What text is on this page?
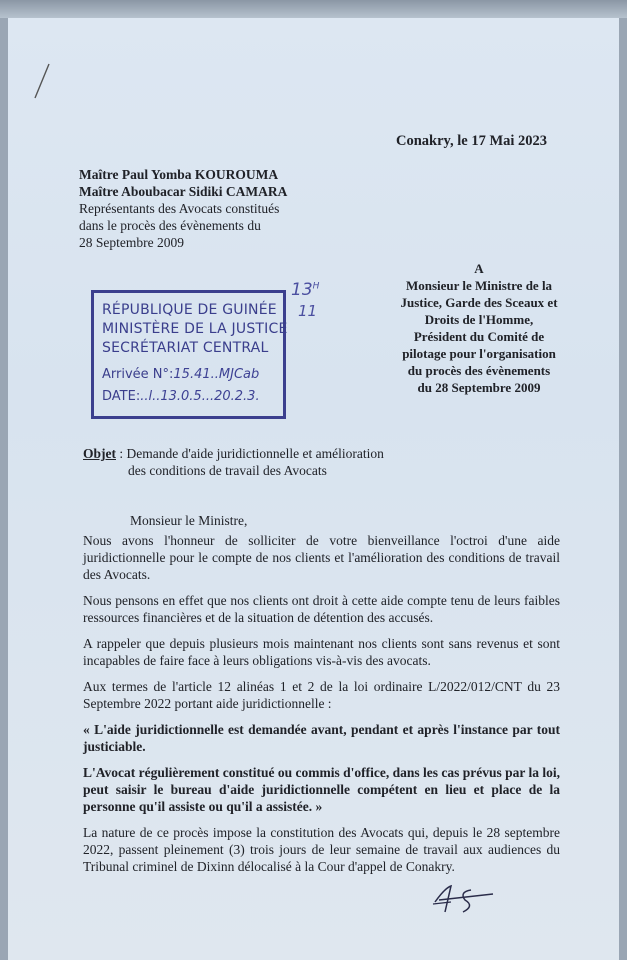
Conakry, le 17 Mai 2023
Maître Paul Yomba KOUROUMA
Maître Aboubacar Sidiki CAMARA
Représentants des Avocats constitués
dans le procès des évènements du
28 Septembre 2009
A
Monsieur le Ministre de la
Justice, Garde des Sceaux et
Droits de l'Homme,
Président du Comité de
pilotage pour l'organisation
du procès des évènements
du 28 Septembre 2009
RÉPUBLIQUE DE GUINÉE
MINISTÈRE DE LA JUSTICE
SECRÉTARIAT CENTRAL
Arrivée N°:15.41..MJCab
DATE:..l..13.0.5...20.2.3.
$13^H$
11
Objet : Demande d'aide juridictionnelle et amélioration
des conditions de travail des Avocats
Monsieur le Ministre,
Nous avons l'honneur de solliciter de votre bienveillance l'octroi d'une aide juridictionnelle pour le compte de nos clients et l'amélioration des conditions de travail des Avocats.
Nous pensons en effet que nos clients ont droit à cette aide compte tenu de leurs faibles ressources financières et de la situation de détention des accusés.
A rappeler que depuis plusieurs mois maintenant nos clients sont sans revenus et sont incapables de faire face à leurs obligations vis-à-vis des avocats.
Aux termes de l'article 12 alinéas 1 et 2 de la loi ordinaire L/2022/012/CNT du 23 Septembre 2022 portant aide juridictionnelle :
« L'aide juridictionnelle est demandée avant, pendant et après l'instance par tout justiciable.
L'Avocat régulièrement constitué ou commis d'office, dans les cas prévus par la loi, peut saisir le bureau d'aide juridictionnelle compétent en lieu et place de la personne qu'il assiste ou qu'il a assistée. »
La nature de ce procès impose la constitution des Avocats qui, depuis le 28 septembre 2022, passent pleinement (3) trois jours de leur semaine de travail aux audiences du Tribunal criminel de Dixinn délocalisé à la Cour d'appel de Conakry.
